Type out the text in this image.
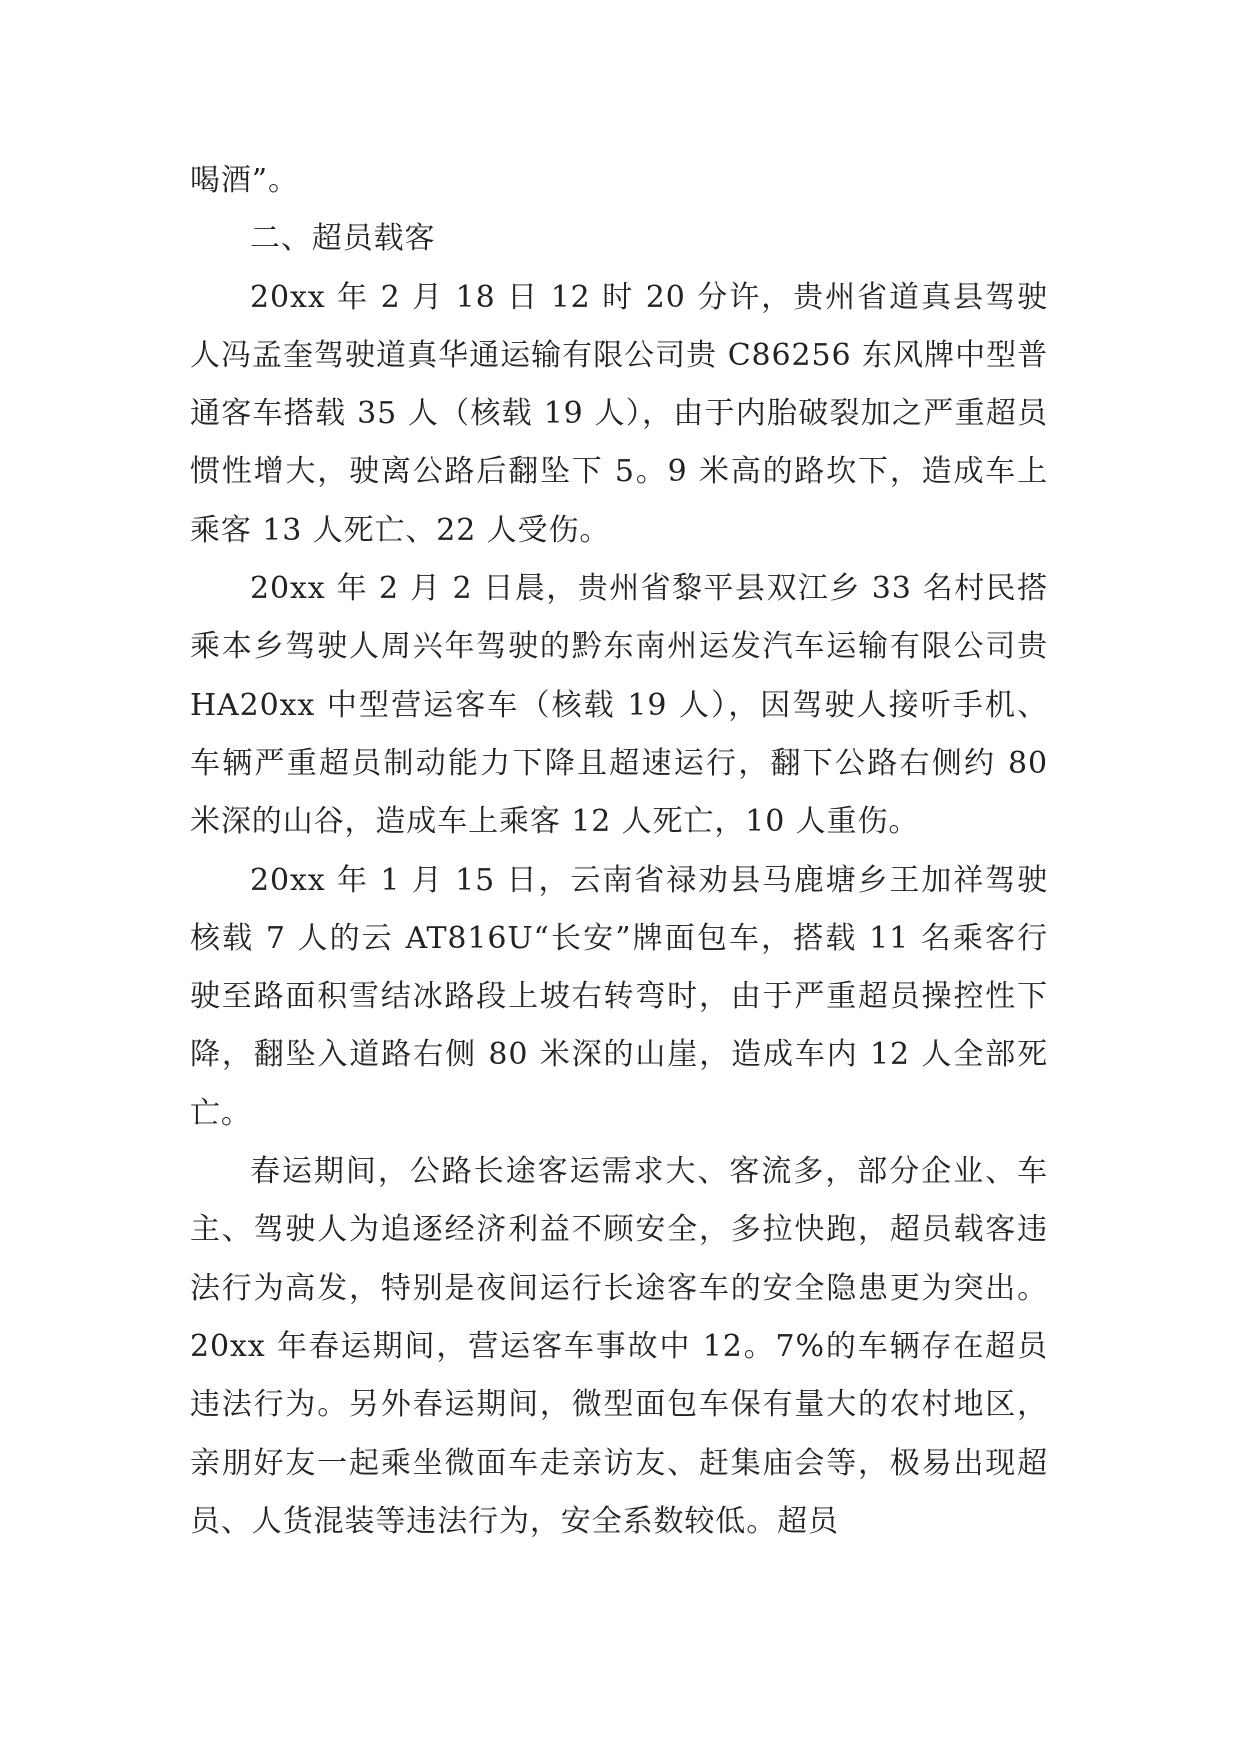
喝酒”。

二、超员载客

20xx 年 2 月 18 日 12 时 20 分许，贵州省道真县驾驶人冯孟奎驾驶道真华通运输有限公司贵 C86256 东风牌中型普通客车搭载 35 人（核载 19 人），由于内胎破裂加之严重超员惯性增大，驶离公路后翻坠下 5。9 米高的路坎下，造成车上乘客 13 人死亡、22 人受伤。

20xx 年 2 月 2 日晨，贵州省黎平县双江乡 33 名村民搭乘本乡驾驶人周兴年驾驶的黔东南州运发汽车运输有限公司贵 HA20xx 中型营运客车（核载 19 人），因驾驶人接听手机、车辆严重超员制动能力下降且超速运行，翻下公路右侧约 80 米深的山谷，造成车上乘客 12 人死亡，10 人重伤。

20xx 年 1 月 15 日，云南省禄劝县马鹿塘乡王加祥驾驶核载 7 人的云 AT816U“长安”牌面包车，搭载 11 名乘客行驶至路面积雪结冰路段上坡右转弯时，由于严重超员操控性下降，翻坠入道路右侧 80 米深的山崖，造成车内 12 人全部死亡。

春运期间，公路长途客运需求大、客流多，部分企业、车主、驾驶人为追逐经济利益不顾安全，多拉快跑，超员载客违法行为高发，特别是夜间运行长途客车的安全隐患更为突出。20xx 年春运期间，营运客车事故中 12。7%的车辆存在超员违法行为。另外春运期间，微型面包车保有量大的农村地区，亲朋好友一起乘坐微面车走亲访友、赶集庙会等，极易出现超员、人货混装等违法行为，安全系数较低。超员
